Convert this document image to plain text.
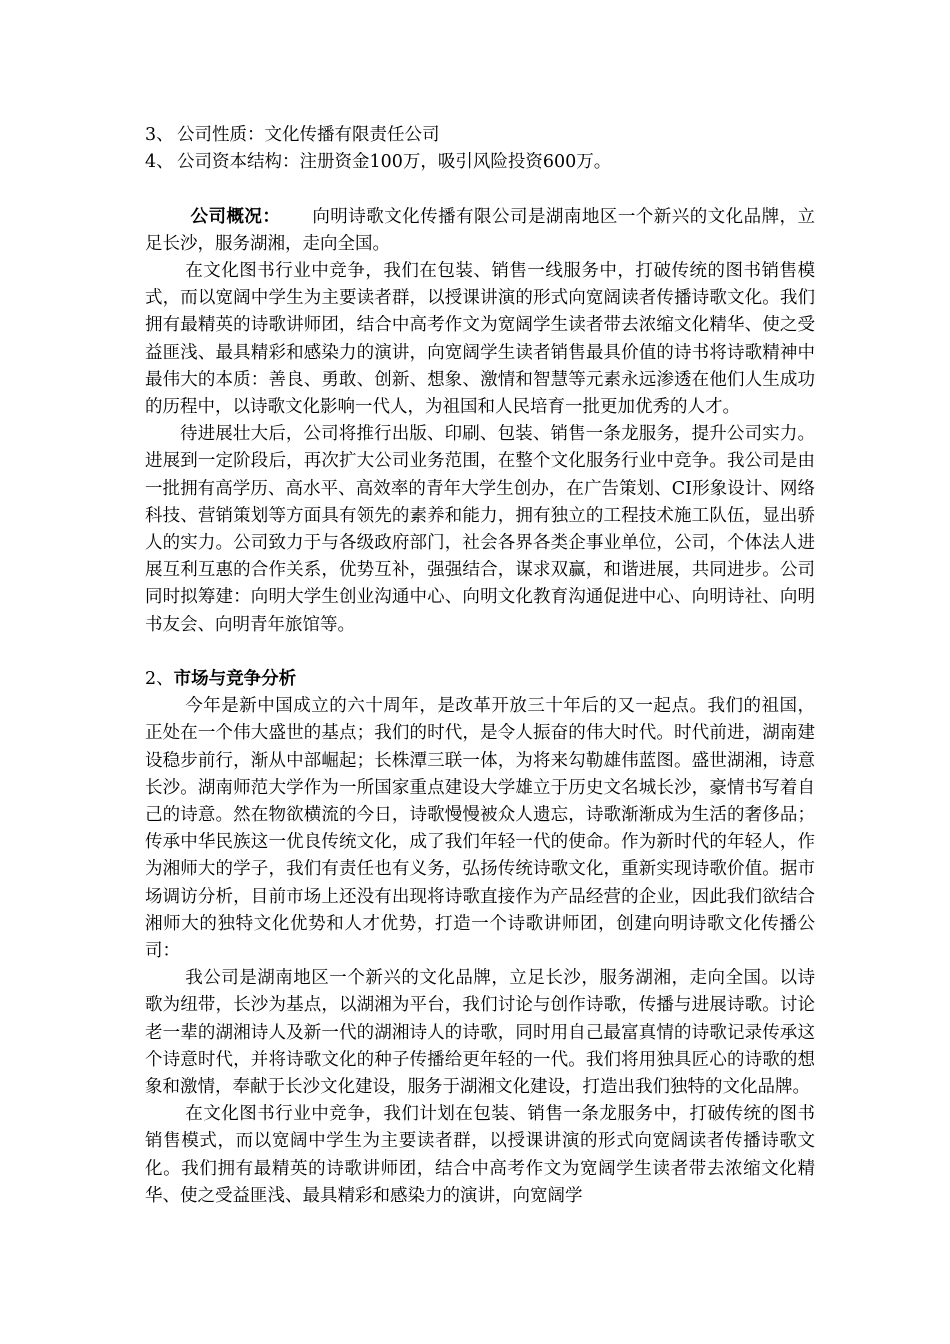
3、 公司性质：文化传播有限责任公司

4、 公司资本结构：注册资金100万，吸引风险投资600万。

公司概况： 向明诗歌文化传播有限公司是湖南地区一个新兴的文化品牌，立足长沙，服务湖湘，走向全国。

在文化图书行业中竞争，我们在包装、销售一线服务中，打破传统的图书销售模式，而以宽阔中学生为主要读者群，以授课讲演的形式向宽阔读者传播诗歌文化。我们拥有最精英的诗歌讲师团，结合中高考作文为宽阔学生读者带去浓缩文化精华、使之受益匪浅、最具精彩和感染力的演讲，向宽阔学生读者销售最具价值的诗书将诗歌精神中最伟大的本质：善良、勇敢、创新、想象、激情和智慧等元素永远渗透在他们人生成功的历程中，以诗歌文化影响一代人，为祖国和人民培育一批更加优秀的人才。

待进展壮大后，公司将推行出版、印刷、包装、销售一条龙服务，提升公司实力。进展到一定阶段后，再次扩大公司业务范围，在整个文化服务行业中竞争。我公司是由一批拥有高学历、高水平、高效率的青年大学生创办，在广告策划、CI形象设计、网络科技、营销策划等方面具有领先的素养和能力，拥有独立的工程技术施工队伍，显出骄人的实力。公司致力于与各级政府部门，社会各界各类企事业单位，公司，个体法人进展互利互惠的合作关系，优势互补，强强结合，谋求双赢，和谐进展，共同进步。公司同时拟筹建：向明大学生创业沟通中心、向明文化教育沟通促进中心、向明诗社、向明书友会、向明青年旅馆等。

2、市场与竞争分析

今年是新中国成立的六十周年，是改革开放三十年后的又一起点。我们的祖国，正处在一个伟大盛世的基点；我们的时代，是令人振奋的伟大时代。时代前进，湖南建设稳步前行，渐从中部崛起；长株潭三联一体，为将来勾勒雄伟蓝图。盛世湖湘，诗意长沙。湖南师范大学作为一所国家重点建设大学雄立于历史文名城长沙，豪情书写着自己的诗意。然在物欲横流的今日，诗歌慢慢被众人遗忘，诗歌渐渐成为生活的奢侈品；传承中华民族这一优良传统文化，成了我们年轻一代的使命。作为新时代的年轻人，作为湘师大的学子，我们有责任也有义务，弘扬传统诗歌文化，重新实现诗歌价值。据市场调访分析，目前市场上还没有出现将诗歌直接作为产品经营的企业，因此我们欲结合湘师大的独特文化优势和人才优势，打造一个诗歌讲师团，创建向明诗歌文化传播公司：

我公司是湖南地区一个新兴的文化品牌，立足长沙，服务湖湘，走向全国。以诗歌为纽带，长沙为基点，以湖湘为平台，我们讨论与创作诗歌，传播与进展诗歌。讨论老一辈的湖湘诗人及新一代的湖湘诗人的诗歌，同时用自己最富真情的诗歌记录传承这个诗意时代，并将诗歌文化的种子传播给更年轻的一代。我们将用独具匠心的诗歌的想象和激情，奉献于长沙文化建设，服务于湖湘文化建设，打造出我们独特的文化品牌。

在文化图书行业中竞争，我们计划在包装、销售一条龙服务中，打破传统的图书销售模式，而以宽阔中学生为主要读者群，以授课讲演的形式向宽阔读者传播诗歌文化。我们拥有最精英的诗歌讲师团，结合中高考作文为宽阔学生读者带去浓缩文化精华、使之受益匪浅、最具精彩和感染力的演讲，向宽阔学
